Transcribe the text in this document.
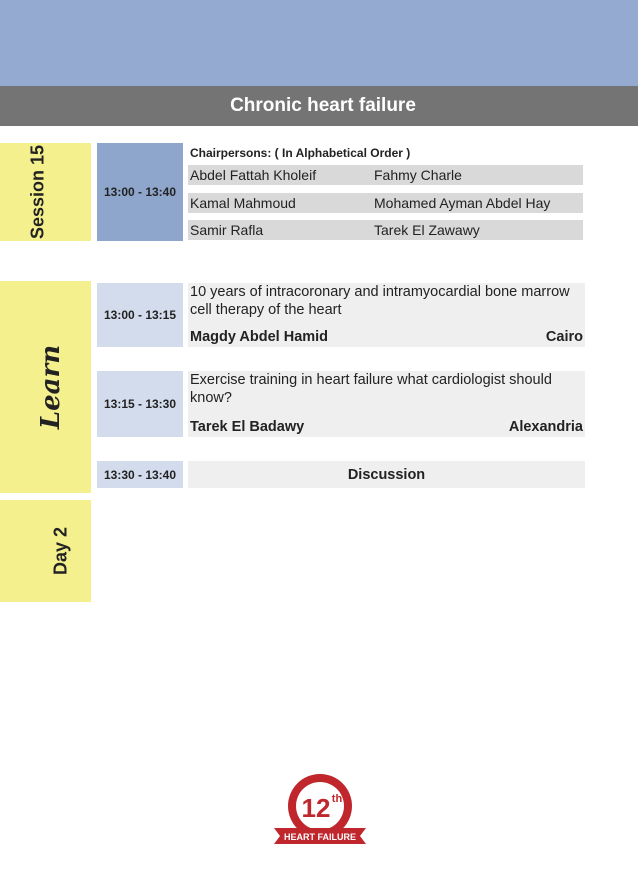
Chronic heart failure
Session 15
Learn
Day 2
13:00 - 13:40
Chairpersons: ( In Alphabetical Order )
Abdel Fattah Kholeif	Fahmy Charle
Kamal Mahmoud	Mohamed Ayman Abdel Hay
Samir Rafla	Tarek El Zawawy
13:00 - 13:15
10 years of intracoronary and intramyocardial bone marrow cell therapy of the heart
Magdy Abdel Hamid	Cairo
13:15 - 13:30
Exercise training in heart failure what cardiologist should know?
Tarek El Badawy	Alexandria
13:30 - 13:40	Discussion
12 th
HEART FAILURE
